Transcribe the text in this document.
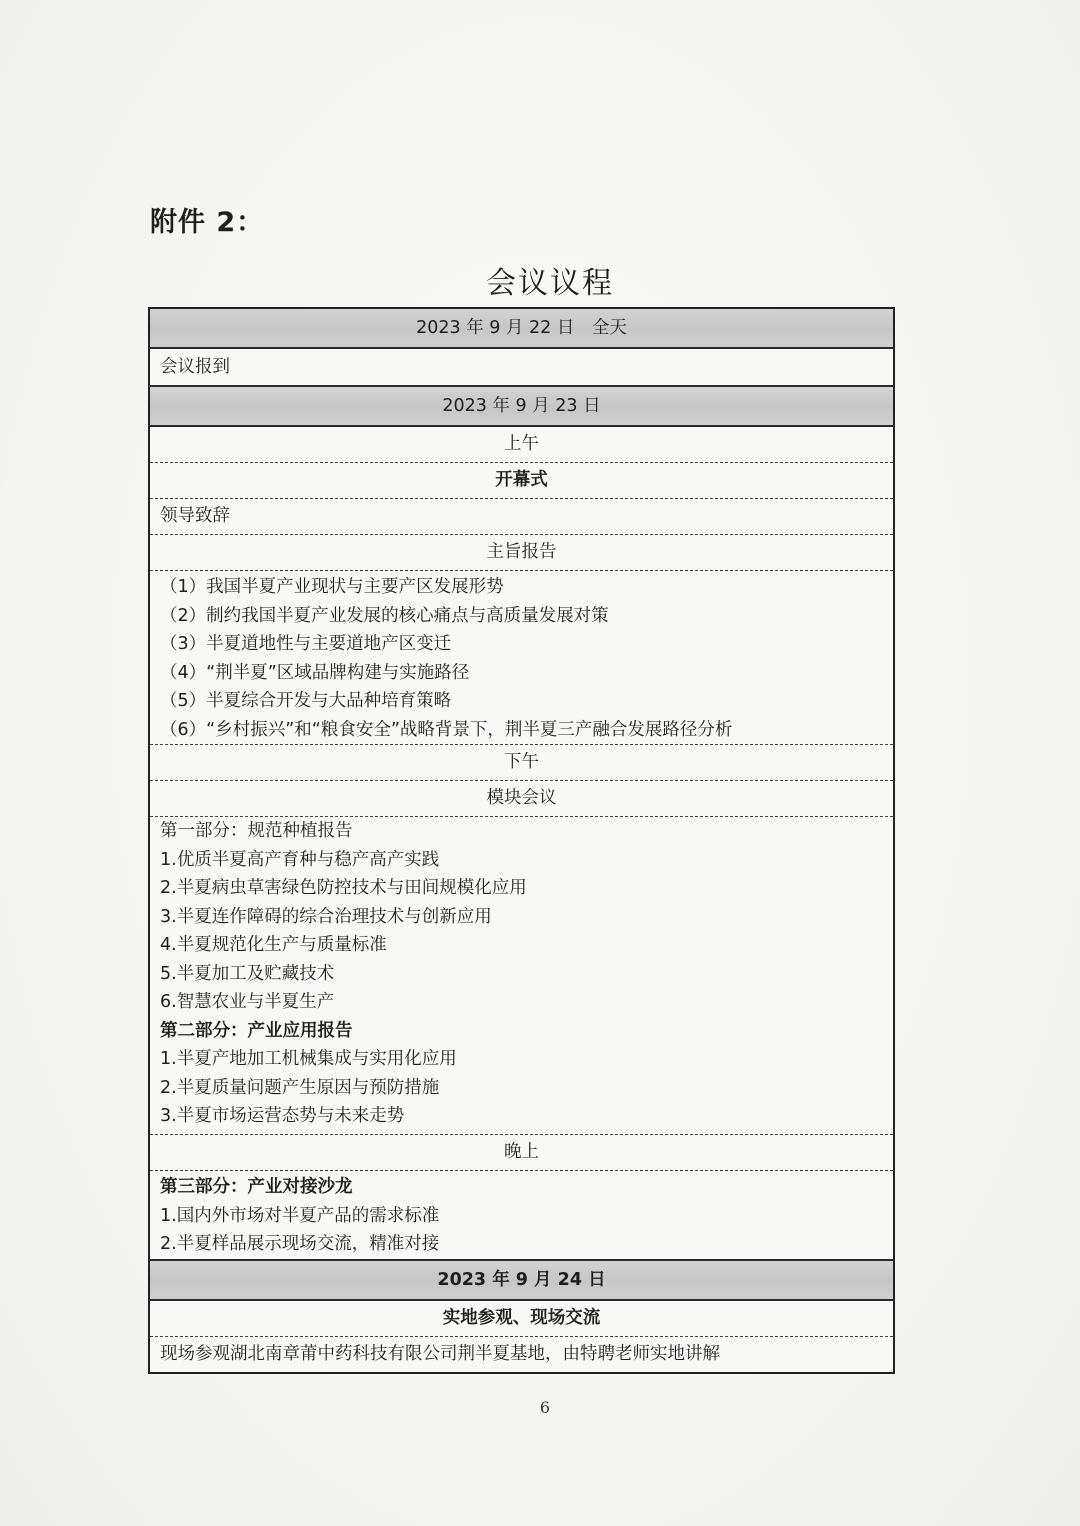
附件 2：
会议议程
2023 年 9 月 22 日　全天
会议报到
2023 年 9 月 23 日
上午
开幕式
领导致辞
主旨报告
（1）我国半夏产业现状与主要产区发展形势
（2）制约我国半夏产业发展的核心痛点与高质量发展对策
（3）半夏道地性与主要道地产区变迁
（4）“荆半夏”区域品牌构建与实施路径
（5）半夏综合开发与大品种培育策略
（6）“乡村振兴”和“粮食安全”战略背景下，荆半夏三产融合发展路径分析
下午
模块会议
第一部分：规范种植报告
1.优质半夏高产育种与稳产高产实践
2.半夏病虫草害绿色防控技术与田间规模化应用
3.半夏连作障碍的综合治理技术与创新应用
4.半夏规范化生产与质量标准
5.半夏加工及贮藏技术
6.智慧农业与半夏生产
第二部分：产业应用报告
1.半夏产地加工机械集成与实用化应用
2.半夏质量问题产生原因与预防措施
3.半夏市场运营态势与未来走势
晚上
第三部分：产业对接沙龙
1.国内外市场对半夏产品的需求标准
2.半夏样品展示现场交流，精准对接
2023 年 9 月 24 日
实地参观、现场交流
现场参观湖北南章莆中药科技有限公司荆半夏基地，由特聘老师实地讲解
6
